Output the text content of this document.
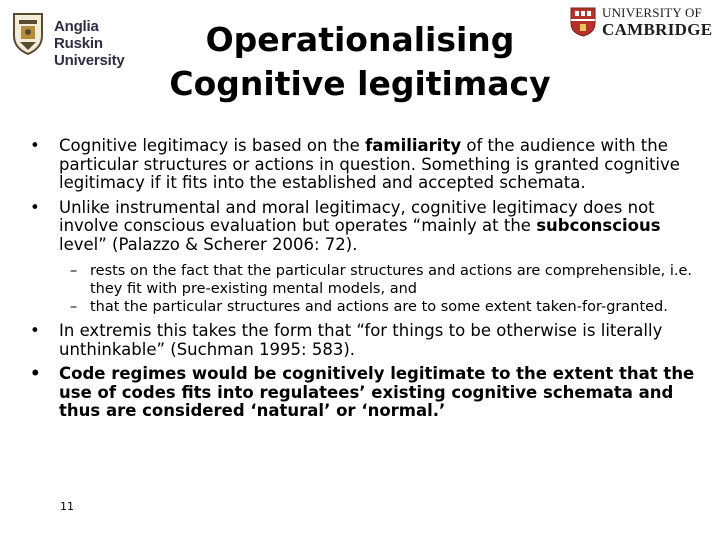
Anglia Ruskin
University
UNIVERSITY OF
CAMBRIDGE
Operationalising
Cognitive legitimacy
• Cognitive legitimacy is based on the familiarity of the audience with the particular structures or actions in question. Something is granted cognitive legitimacy if it fits into the established and accepted schemata.
• Unlike instrumental and moral legitimacy, cognitive legitimacy does not involve conscious evaluation but operates “mainly at the subconscious level” (Palazzo & Scherer 2006: 72).
– rests on the fact that the particular structures and actions are comprehensible, i.e. they fit with pre-existing mental models, and
– that the particular structures and actions are to some extent taken-for-granted.
• In extremis this takes the form that “for things to be otherwise is literally unthinkable” (Suchman 1995: 583).
• Code regimes would be cognitively legitimate to the extent that the use of codes fits into regulatees’ existing cognitive schemata and thus are considered ‘natural’ or ‘normal.’
11
